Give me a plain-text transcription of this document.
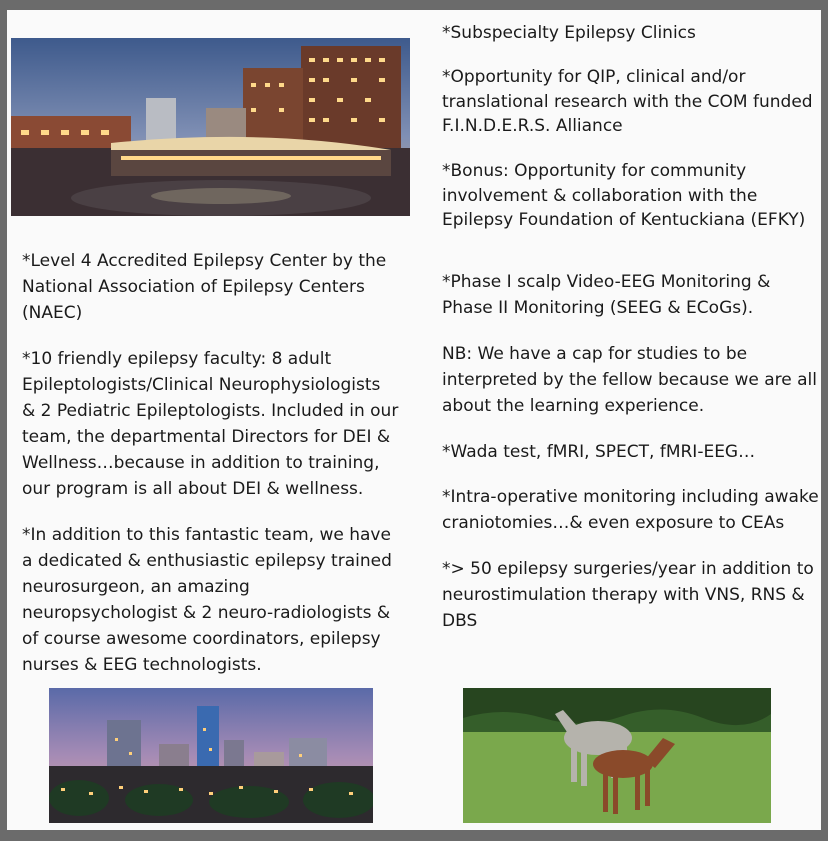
*Subspecialty Epilepsy Clinics

*Opportunity for QIP, clinical and/or
translational research with the COM funded
F.I.N.D.E.R.S. Alliance

*Bonus: Opportunity for community
involvement & collaboration with the
Epilepsy Foundation of Kentuckiana (EFKY)

*Level 4 Accredited Epilepsy Center by the
National Association of Epilepsy Centers
(NAEC)

*10 friendly epilepsy faculty: 8 adult
Epileptologists/Clinical Neurophysiologists
& 2 Pediatric Epileptologists. Included in our
team, the departmental Directors for DEI &
Wellness…because in addition to training,
our program is all about DEI & wellness.

*In addition to this fantastic team, we have
a dedicated & enthusiastic epilepsy trained
neurosurgeon, an amazing
neuropsychologist & 2 neuro-radiologists &
of course awesome coordinators, epilepsy
nurses & EEG technologists.

*Phase I scalp Video-EEG Monitoring &
Phase II Monitoring (SEEG & ECoGs).

NB: We have a cap for studies to be
interpreted by the fellow because we are all
about the learning experience.

*Wada test, fMRI, SPECT, fMRI-EEG…

*Intra-operative monitoring including awake
craniotomies…& even exposure to CEAs

*> 50 epilepsy surgeries/year in addition to
neurostimulation therapy with VNS, RNS &
DBS
